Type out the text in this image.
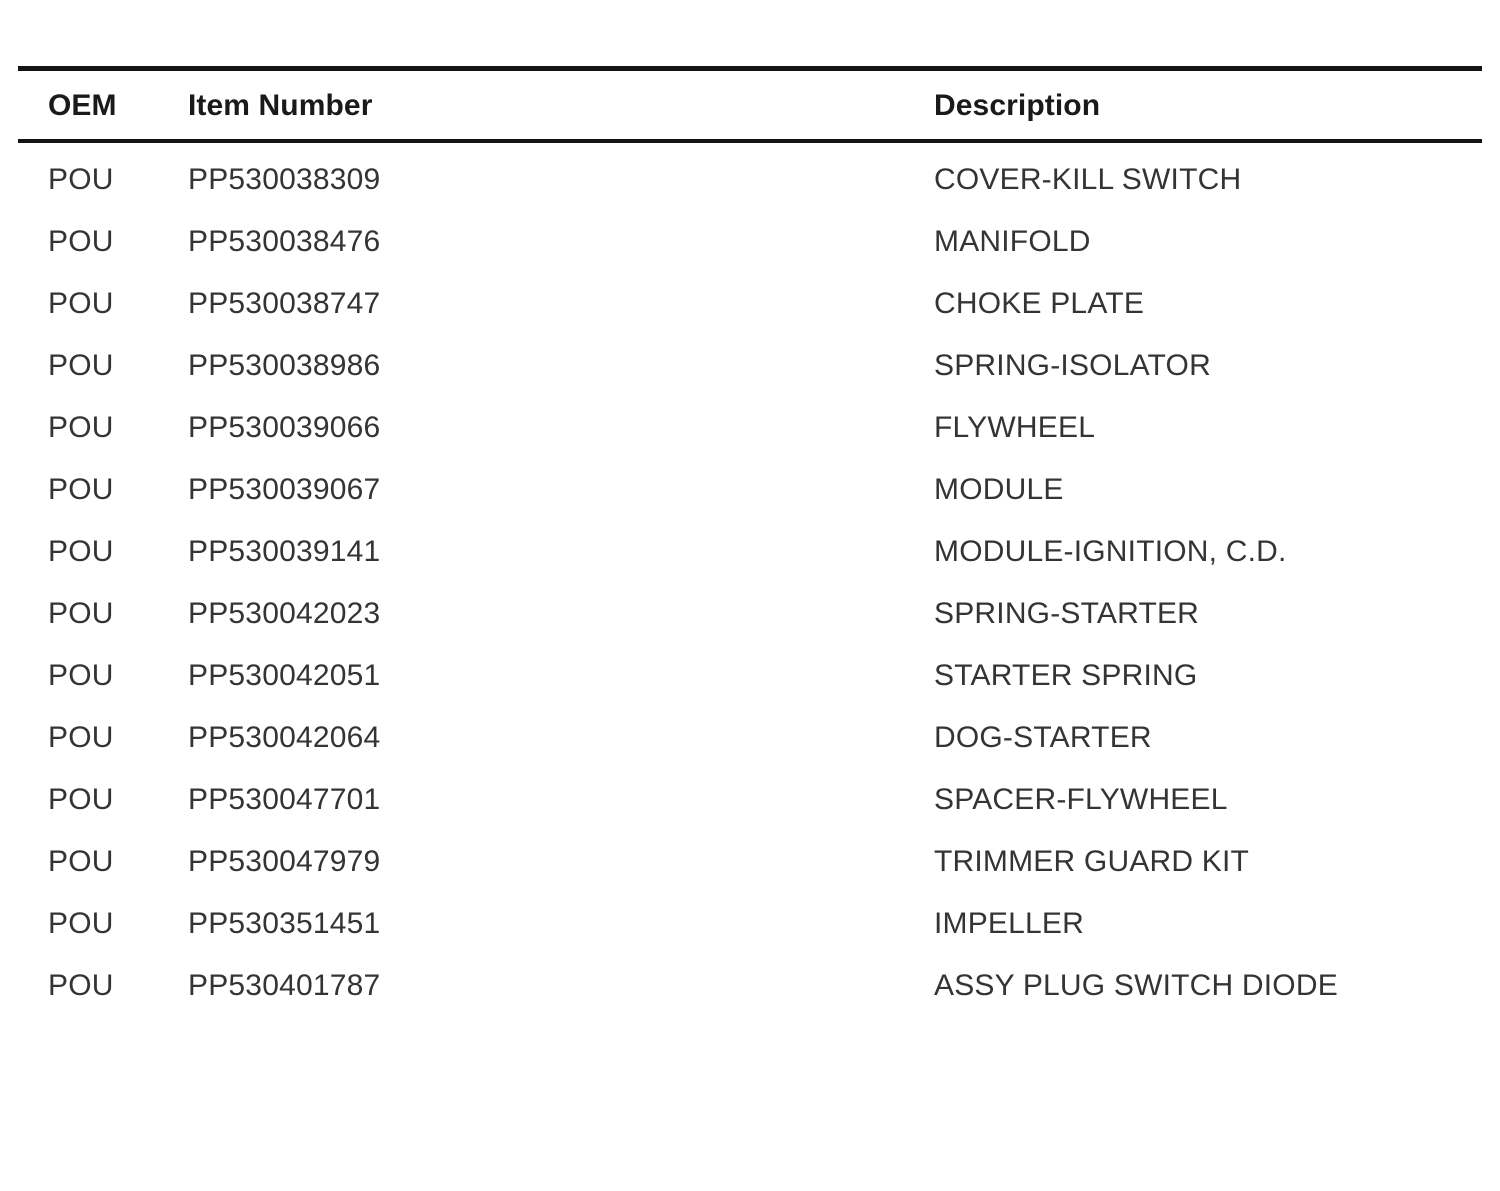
OEM	Item Number	Description
POU	PP530038309	COVER-KILL SWITCH
POU	PP530038476	MANIFOLD
POU	PP530038747	CHOKE PLATE
POU	PP530038986	SPRING-ISOLATOR
POU	PP530039066	FLYWHEEL
POU	PP530039067	MODULE
POU	PP530039141	MODULE-IGNITION, C.D.
POU	PP530042023	SPRING-STARTER
POU	PP530042051	STARTER SPRING
POU	PP530042064	DOG-STARTER
POU	PP530047701	SPACER-FLYWHEEL
POU	PP530047979	TRIMMER GUARD KIT
POU	PP530351451	IMPELLER
POU	PP530401787	ASSY PLUG SWITCH DIODE
